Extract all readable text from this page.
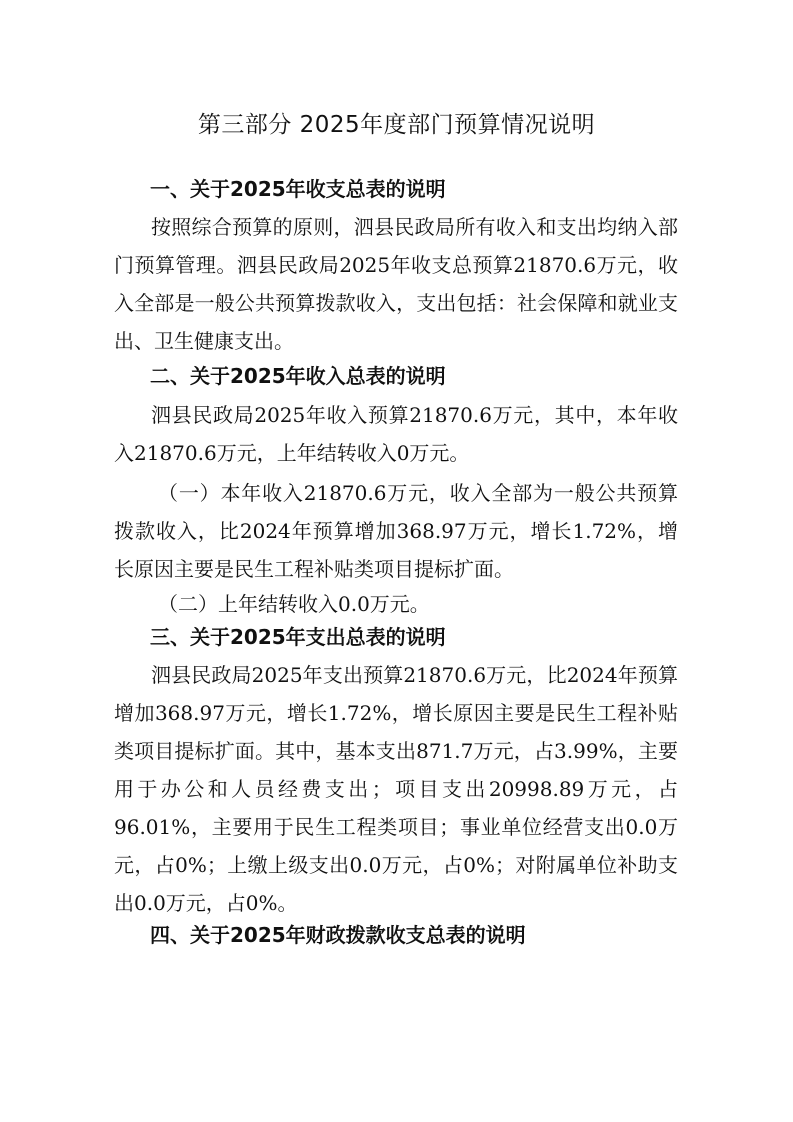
第三部分 2025年度部门预算情况说明
一、关于2025年收支总表的说明

按照综合预算的原则，泗县民政局所有收入和支出均纳入部门预算管理。泗县民政局2025年收支总预算21870.6万元，收入全部是一般公共预算拨款收入，支出包括：社会保障和就业支出、卫生健康支出。

二、关于2025年收入总表的说明

泗县民政局2025年收入预算21870.6万元，其中，本年收入21870.6万元，上年结转收入0万元。

（一）本年收入21870.6万元，收入全部为一般公共预算拨款收入，比2024年预算增加368.97万元，增长1.72%，增长原因主要是民生工程补贴类项目提标扩面。

（二）上年结转收入0.0万元。

三、关于2025年支出总表的说明

泗县民政局2025年支出预算21870.6万元，比2024年预算增加368.97万元，增长1.72%，增长原因主要是民生工程补贴类项目提标扩面。其中，基本支出871.7万元，占3.99%，主要用于办公和人员经费支出；项目支出20998.89万元，占96.01%，主要用于民生工程类项目；事业单位经营支出0.0万元，占0%；上缴上级支出0.0万元，占0%；对附属单位补助支出0.0万元，占0%。

四、关于2025年财政拨款收支总表的说明
